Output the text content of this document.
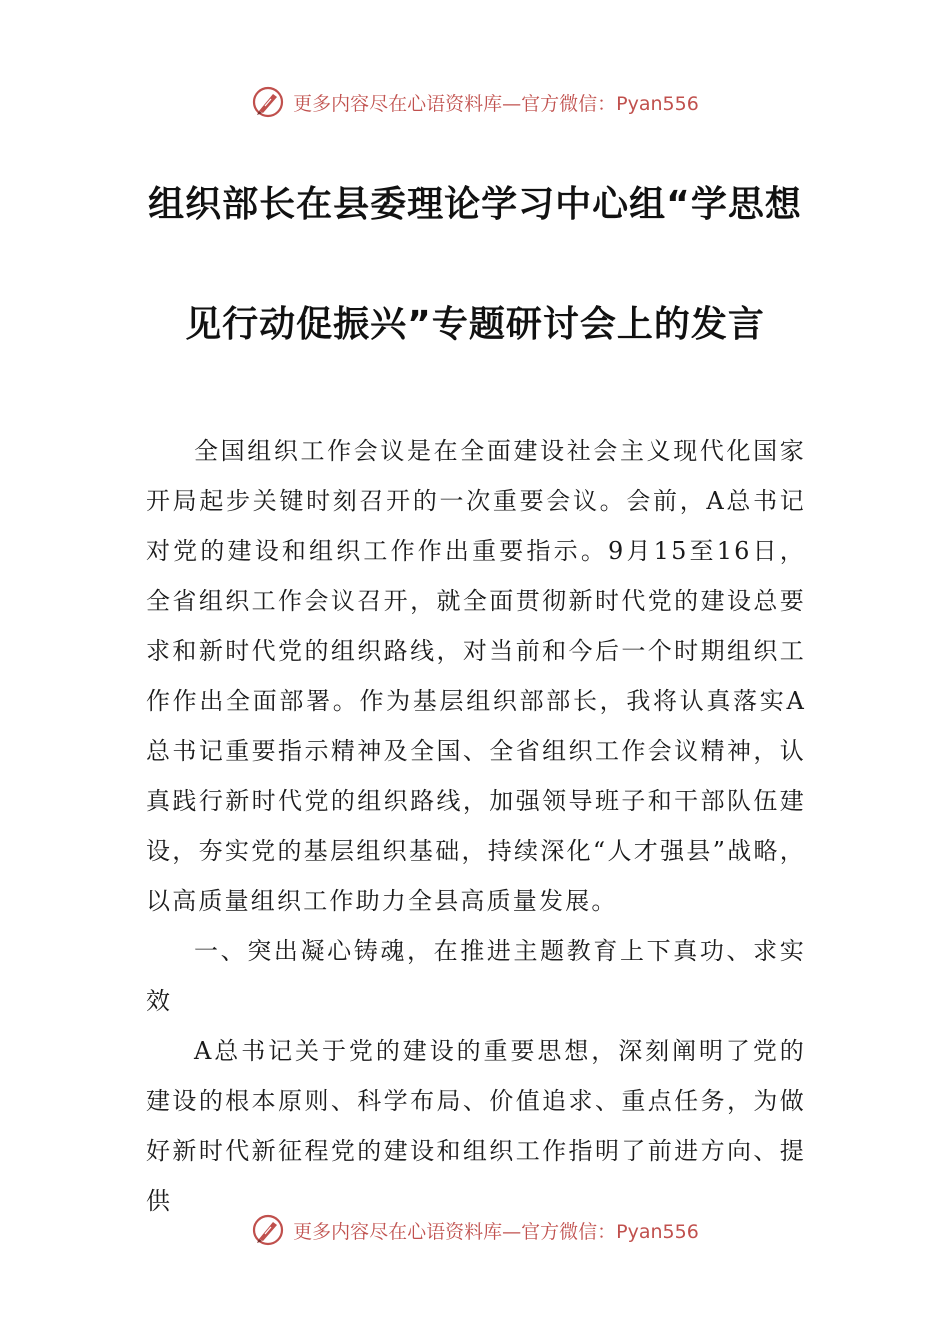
更多内容尽在心语资料库—官方微信：Pyan556
组织部长在县委理论学习中心组“学思想
见行动促振兴”专题研讨会上的发言

全国组织工作会议是在全面建设社会主义现代化国家开局起步关键时刻召开的一次重要会议。会前，A总书记对党的建设和组织工作作出重要指示。9月15至16日，全省组织工作会议召开，就全面贯彻新时代党的建设总要求和新时代党的组织路线，对当前和今后一个时期组织工作作出全面部署。作为基层组织部部长，我将认真落实A总书记重要指示精神及全国、全省组织工作会议精神，认真践行新时代党的组织路线，加强领导班子和干部队伍建设，夯实党的基层组织基础，持续深化“人才强县”战略，以高质量组织工作助力全县高质量发展。

一、突出凝心铸魂，在推进主题教育上下真功、求实效

A总书记关于党的建设的重要思想，深刻阐明了党的建设的根本原则、科学布局、价值追求、重点任务，为做好新时代新征程党的建设和组织工作指明了前进方向、提供

更多内容尽在心语资料库—官方微信：Pyan556
